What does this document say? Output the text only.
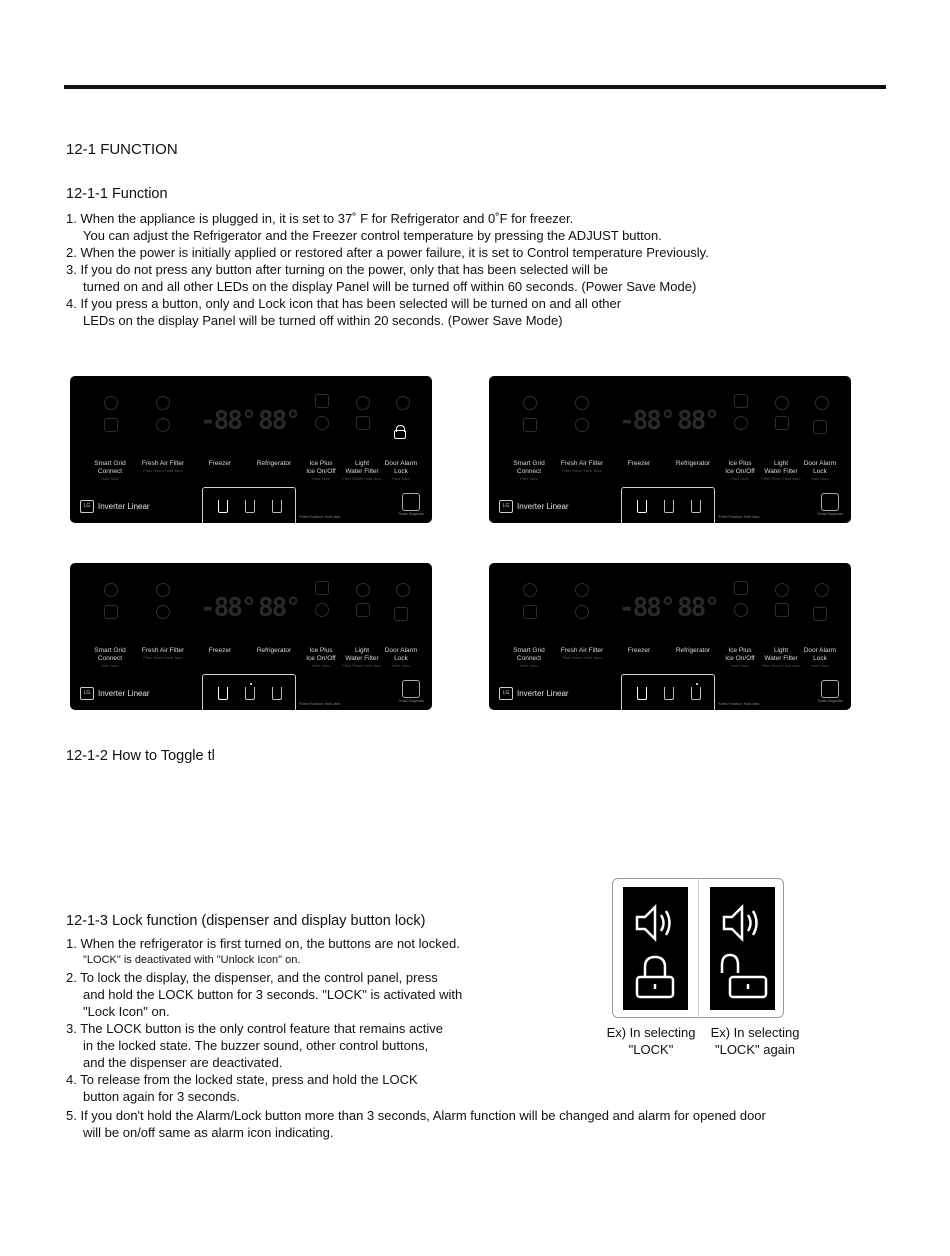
12-1 FUNCTION
12-1-1 Function
1. When the appliance is plugged in, it is set to 37˚ F for Refrigerator and 0˚F for freezer.
You can adjust the Refrigerator and the Freezer control temperature by pressing the ADJUST button.
2. When the power is initially applied or restored after a power failure, it is set to Control temperature Previously.
3. If you do not press any button after turning on the power, only that has been selected will be
turned on and all other LEDs on the display Panel will be turned off within 60 seconds. (Power Save Mode)
4. If you press a button, only and Lock icon that has been selected will be turned on and all other
LEDs on the display Panel will be turned off within 20 seconds. (Power Save Mode)
-88° 88°
Smart Grid
Connect
Hold 3sec
Fresh Air Filter
Filter Reset Hold 3sec
Freezer	Refrigerator	Ice Plus
Ice On/Off
Hold 3sec
Light
Water Filter
Filter Reset Hold 3sec
Door Alarm
Lock
Hold 3sec
LG Inverter Linear
*Extra Function: Hold 3sec
Smart Diagnosis
-88° 88°
Smart Grid
Connect
Hold 3sec
Fresh Air Filter
Filter Reset Hold 3sec
Freezer	Refrigerator	Ice Plus
Ice On/Off
Hold 3sec
Light
Water Filter
Filter Reset Hold 3sec
Door Alarm
Lock
Hold 3sec
LG Inverter Linear
*Extra Function: Hold 3sec
Smart Diagnosis
-88° 88°
Smart Grid
Connect
Hold 3sec
Fresh Air Filter
Filter Reset Hold 3sec
Freezer	Refrigerator	Ice Plus
Ice On/Off
Hold 3sec
Light
Water Filter
Filter Reset Hold 3sec
Door Alarm
Lock
Hold 3sec
LG Inverter Linear
*Extra Function: Hold 3sec
Smart Diagnosis
-88° 88°
Smart Grid
Connect
Hold 3sec
Fresh Air Filter
Filter Reset Hold 3sec
Freezer	Refrigerator	Ice Plus
Ice On/Off
Hold 3sec
Light
Water Filter
Filter Reset Hold 3sec
Door Alarm
Lock
Hold 3sec
LG Inverter Linear
*Extra Function: Hold 3sec
Smart Diagnosis
12-1-2 How to Toggle tl
12-1-3 Lock function (dispenser and display button lock)
1. When the refrigerator is first turned on, the buttons are not locked.
"LOCK" is deactivated with "Unlock Icon" on.
2. To lock the display, the dispenser, and the control panel, press
and hold the LOCK button for 3 seconds. "LOCK" is activated with
"Lock Icon" on.
3. The LOCK button is the only control feature that remains active
in the locked state. The buzzer sound, other control buttons,
and the dispenser are deactivated.
4. To release from the locked state, press and hold the LOCK
button again for 3 seconds.
5. If you don't hold the Alarm/Lock button more than 3 seconds, Alarm function will be changed and alarm for opened door
will be on/off same as alarm icon indicating.
Ex) In selecting
"LOCK"
Ex) In selecting
"LOCK" again
